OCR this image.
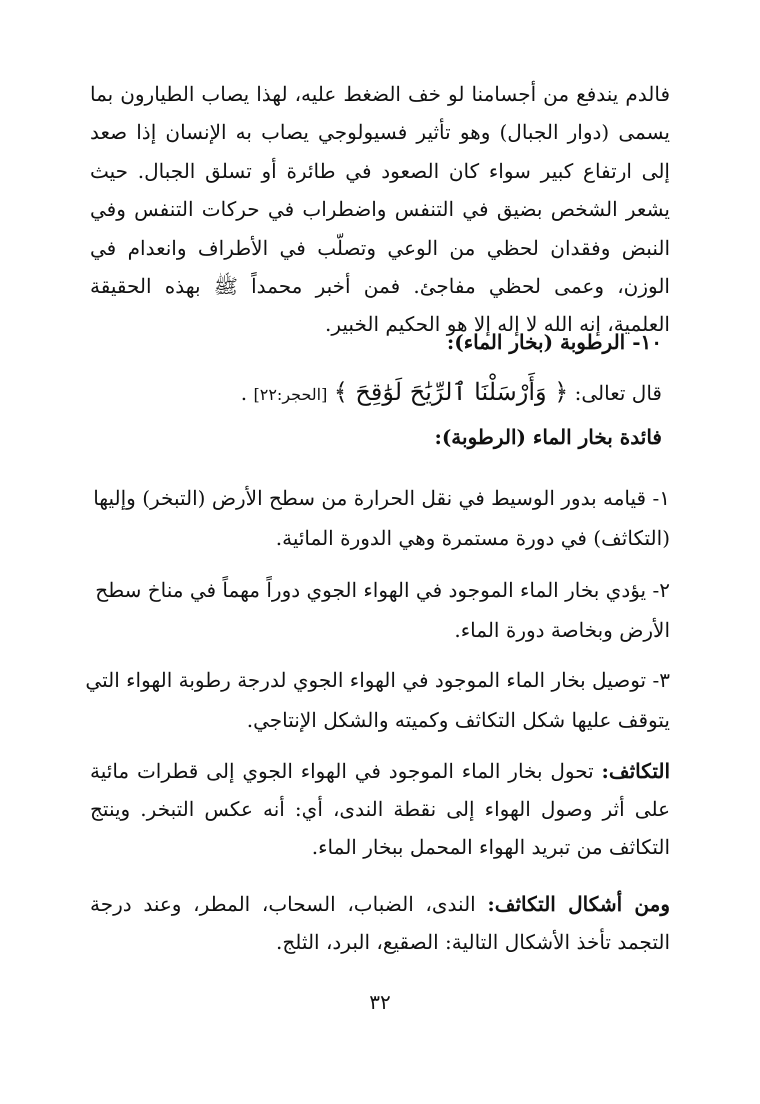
فالدم يندفع من أجسامنا لو خف الضغط عليه، لهذا يصاب الطيارون بما يسمى (دوار الجبال) وهو تأثير فسيولوجي يصاب به الإنسان إذا صعد إلى ارتفاع كبير سواء كان الصعود في طائرة أو تسلق الجبال. حيث يشعر الشخص بضيق في التنفس واضطراب في حركات التنفس وفي النبض وفقدان لحظي من الوعي وتصلّب في الأطراف وانعدام في الوزن، وعمى لحظي مفاجئ. فمن أخبر محمداً ﷺ بهذه الحقيقة العلمية، إنه الله لا إله إلا هو الحكيم الخبير.

١٠- الرطوبة (بخار الماء):

قال تعالى: ﴿ وَأَرْسَلْنَا ٱلرِّيَٰحَ لَوَٰقِحَ ﴾ [الحجر:٢٢] .

فائدة بخار الماء (الرطوبة):

١- قيامه بدور الوسيط في نقل الحرارة من سطح الأرض (التبخر) وإليها (التكاثف) في دورة مستمرة وهي الدورة المائية.

٢- يؤدي بخار الماء الموجود في الهواء الجوي دوراً مهماً في مناخ سطح الأرض وبخاصة دورة الماء.

٣- توصيل بخار الماء الموجود في الهواء الجوي لدرجة رطوبة الهواء التي يتوقف عليها شكل التكاثف وكميته والشكل الإنتاجي.

التكاثف: تحول بخار الماء الموجود في الهواء الجوي إلى قطرات مائية على أثر وصول الهواء إلى نقطة الندى، أي: أنه عكس التبخر. وينتج التكاثف من تبريد الهواء المحمل ببخار الماء.

ومن أشكال التكاثف: الندى، الضباب، السحاب، المطر، وعند درجة التجمد تأخذ الأشكال التالية: الصقيع، البرد، الثلج.

٣٢
